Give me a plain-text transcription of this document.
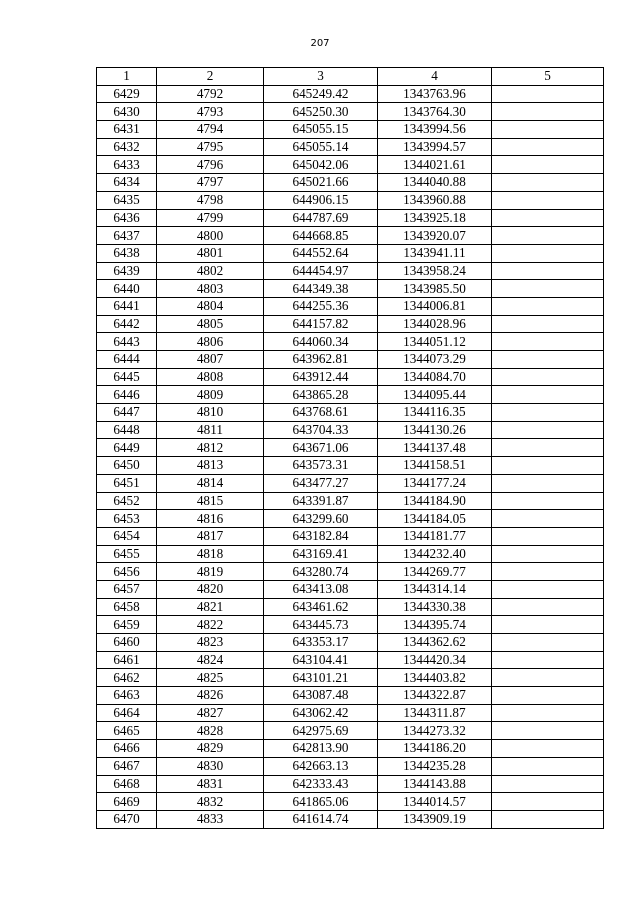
207
1	2	3	4	5
6429	4792	645249.42	1343763.96	
6430	4793	645250.30	1343764.30	
6431	4794	645055.15	1343994.56	
6432	4795	645055.14	1343994.57	
6433	4796	645042.06	1344021.61	
6434	4797	645021.66	1344040.88	
6435	4798	644906.15	1343960.88	
6436	4799	644787.69	1343925.18	
6437	4800	644668.85	1343920.07	
6438	4801	644552.64	1343941.11	
6439	4802	644454.97	1343958.24	
6440	4803	644349.38	1343985.50	
6441	4804	644255.36	1344006.81	
6442	4805	644157.82	1344028.96	
6443	4806	644060.34	1344051.12	
6444	4807	643962.81	1344073.29	
6445	4808	643912.44	1344084.70	
6446	4809	643865.28	1344095.44	
6447	4810	643768.61	1344116.35	
6448	4811	643704.33	1344130.26	
6449	4812	643671.06	1344137.48	
6450	4813	643573.31	1344158.51	
6451	4814	643477.27	1344177.24	
6452	4815	643391.87	1344184.90	
6453	4816	643299.60	1344184.05	
6454	4817	643182.84	1344181.77	
6455	4818	643169.41	1344232.40	
6456	4819	643280.74	1344269.77	
6457	4820	643413.08	1344314.14	
6458	4821	643461.62	1344330.38	
6459	4822	643445.73	1344395.74	
6460	4823	643353.17	1344362.62	
6461	4824	643104.41	1344420.34	
6462	4825	643101.21	1344403.82	
6463	4826	643087.48	1344322.87	
6464	4827	643062.42	1344311.87	
6465	4828	642975.69	1344273.32	
6466	4829	642813.90	1344186.20	
6467	4830	642663.13	1344235.28	
6468	4831	642333.43	1344143.88	
6469	4832	641865.06	1344014.57	
6470	4833	641614.74	1343909.19	
